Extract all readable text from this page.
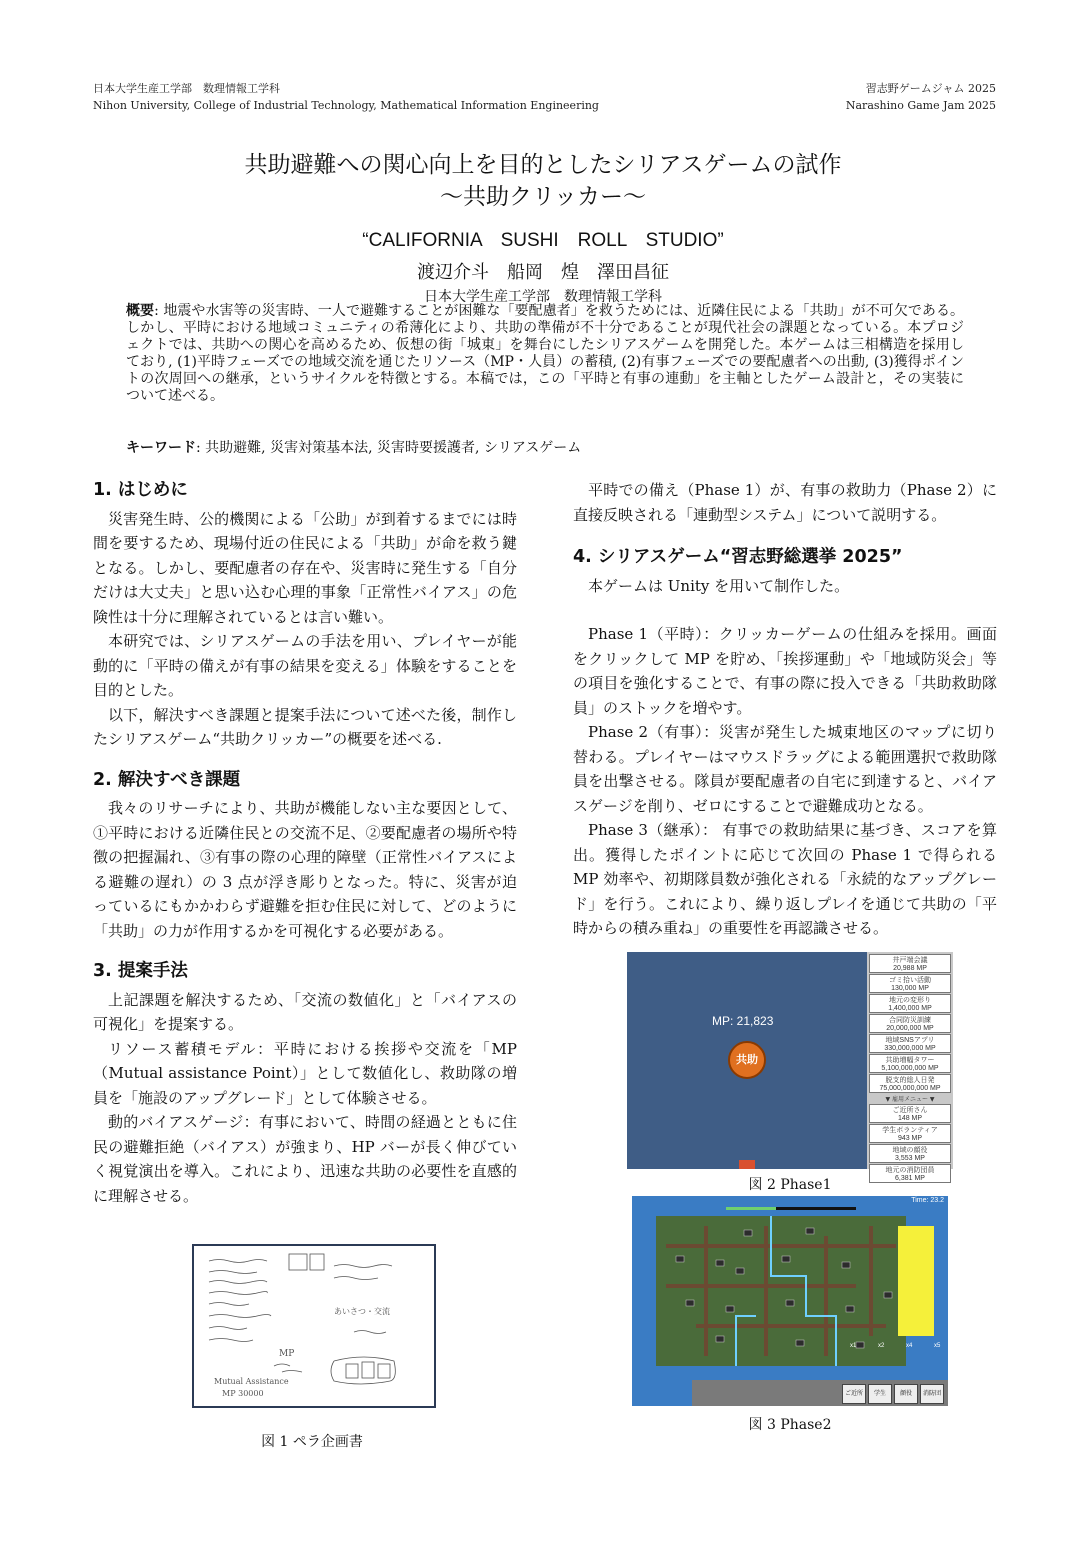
日本大学生産工学部　数理情報工学科
Nihon University, College of Industrial Technology, Mathematical Information Engineering
習志野ゲームジャム 2025
Narashino Game Jam 2025
共助避難への関心向上を目的としたシリアスゲームの試作
～共助クリッカー～
“CALIFORNIA　SUSHI　ROLL　STUDIO”
渡辺介斗　船岡　煌　澤田昌征
日本大学生産工学部　数理情報工学科
概要: 地震や水害等の災害時、一人で避難することが困難な「要配慮者」を救うためには、近隣住民による「共助」が不可欠である。しかし、平時における地域コミュニティの希薄化により、共助の準備が不十分であることが現代社会の課題となっている。本プロジェクトでは、共助への関心を高めるため、仮想の街「城東」を舞台にしたシリアスゲームを開発した。本ゲームは三相構造を採用しており, (1)平時フェーズでの地域交流を通じたリソース（MP・人員）の蓄積, (2)有事フェーズでの要配慮者への出動, (3)獲得ポイントの次周回への継承，というサイクルを特徴とする。本稿では，この「平時と有事の連動」を主軸としたゲーム設計と，その実装について述べる。
キーワード: 共助避難, 災害対策基本法, 災害時要援護者, シリアスゲーム
1. はじめに

災害発生時、公的機関による「公助」が到着するまでには時間を要するため、現場付近の住民による「共助」が命を救う鍵となる。しかし、要配慮者の存在や、災害時に発生する「自分だけは大丈夫」と思い込む心理的事象「正常性バイアス」の危険性は十分に理解されているとは言い難い。

本研究では、シリアスゲームの手法を用い、プレイヤーが能動的に「平時の備えが有事の結果を変える」体験をすることを目的とした。

以下，解決すべき課題と提案手法について述べた後，制作したシリアスゲーム“共助クリッカー”の概要を述べる.

2. 解決すべき課題

我々のリサーチにより、共助が機能しない主な要因として、①平時における近隣住民との交流不足、②要配慮者の場所や特徴の把握漏れ、③有事の際の心理的障壁（正常性バイアスによる避難の遅れ）の 3 点が浮き彫りとなった。特に、災害が迫っているにもかかわらず避難を拒む住民に対して、どのように「共助」の力が作用するかを可視化する必要がある。

3. 提案手法

上記課題を解決するため、「交流の数値化」と「バイアスの可視化」を提案する。

リソース蓄積モデル：平時における挨拶や交流を「MP（Mutual assistance Point）」として数値化し、救助隊の増員を「施設のアップグレード」として体験させる。

動的バイアスゲージ：有事において、時間の経過とともに住民の避難拒絶（バイアス）が強まり、HP バーが長く伸びていく視覚演出を導入。これにより、迅速な共助の必要性を直感的に理解させる。

Mutual Assistance
MP 30000
あいさつ・交流
MP
図 1 ペラ企画書

平時での備え（Phase 1）が、有事の救助力（Phase 2）に直接反映される「連動型システム」について説明する。

4. シリアスゲーム“習志野総選挙 2025”

本ゲームは Unity を用いて制作した。

Phase 1（平時）：クリッカーゲームの仕組みを採用。画面をクリックして MP を貯め、「挨拶運動」や「地域防災会」等の項目を強化することで、有事の際に投入できる「共助救助隊員」のストックを増やす。

Phase 2（有事）：災害が発生した城東地区のマップに切り替わる。プレイヤーはマウスドラッグによる範囲選択で救助隊員を出撃させる。隊員が要配慮者の自宅に到達すると、バイアスゲージを削り、ゼロにすることで避難成功となる。

Phase 3（継承）： 有事での救助結果に基づき、スコアを算出。獲得したポイントに応じて次回の Phase 1 で得られる MP 効率や、初期隊員数が強化される「永続的なアップグレード」を行う。これにより、繰り返しプレイを通じて共助の「平時からの積み重ね」の重要性を再認識させる。

MP: 21,823
共助
井戸端会議
20,988 MP
ゴミ拾い活動
130,000 MP
地元の変形り
1,400,000 MP
合同防災訓練
20,000,000 MP
地域SNSアプリ
330,000,000 MP
共助増幅タワー
5,100,000,000 MP
脱支的総人日発
75,000,000,000 MP
▼ 雇用メニュー ▼
ご近所さん
148 MP
学生ボランティア
943 MP
地域の顔役
3,553 MP
地元の消防団員
6,381 MP
図 2 Phase1
Time: 23.2
x1	x2	x4	x5
ご近所	学生	顔役	消防団
図 3 Phase2
